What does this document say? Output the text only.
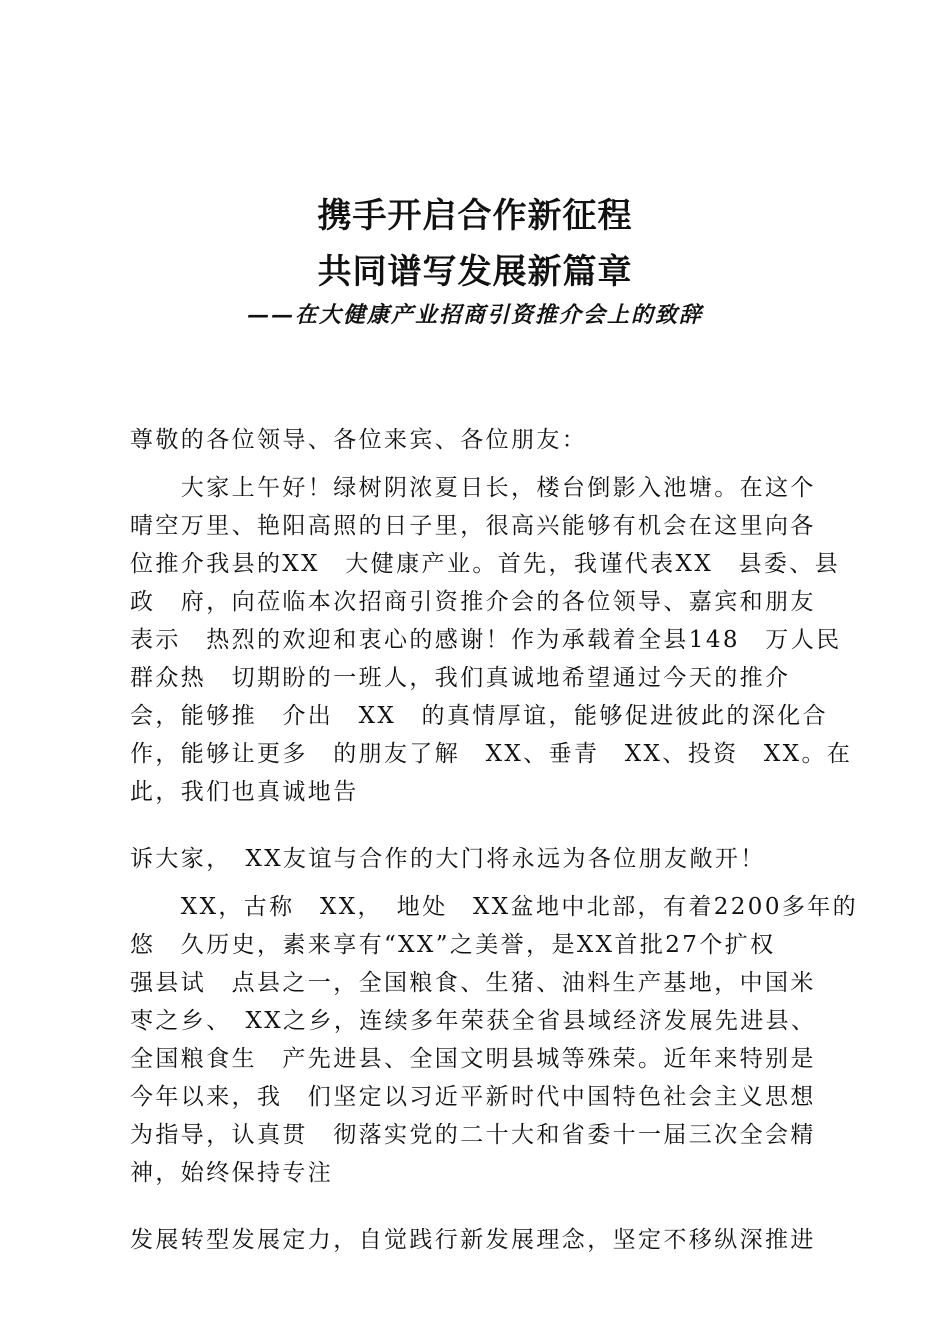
携手开启合作新征程
共同谱写发展新篇章
——在大健康产业招商引资推介会上的致辞
尊敬的各位领导、各位来宾、各位朋友：
　　大家上午好！绿树阴浓夏日长，楼台倒影入池塘。在这个
晴空万里、艳阳高照的日子里，很高兴能够有机会在这里向各
位推介我县的XX　大健康产业。首先，我谨代表XX　县委、县
政　府，向莅临本次招商引资推介会的各位领导、嘉宾和朋友
表示　热烈的欢迎和衷心的感谢！作为承载着全县148　万人民
群众热　切期盼的一班人，我们真诚地希望通过今天的推介
会，能够推　介出　XX　的真情厚谊，能够促进彼此的深化合
作，能够让更多　的朋友了解　XX、垂青　XX、投资　XX。在
此，我们也真诚地告
诉大家，　XX友谊与合作的大门将永远为各位朋友敞开！
　　XX，古称　XX，　地处　XX盆地中北部，有着2200多年的
悠　久历史，素来享有“XX”之美誉，是XX首批27个扩权
强县试　点县之一，全国粮食、生猪、油料生产基地，中国米
枣之乡、　XX之乡，连续多年荣获全省县域经济发展先进县、
全国粮食生　产先进县、全国文明县城等殊荣。近年来特别是
今年以来，我　们坚定以习近平新时代中国特色社会主义思想
为指导，认真贯　彻落实党的二十大和省委十一届三次全会精
神，始终保持专注
发展转型发展定力，自觉践行新发展理念，坚定不移纵深推进
